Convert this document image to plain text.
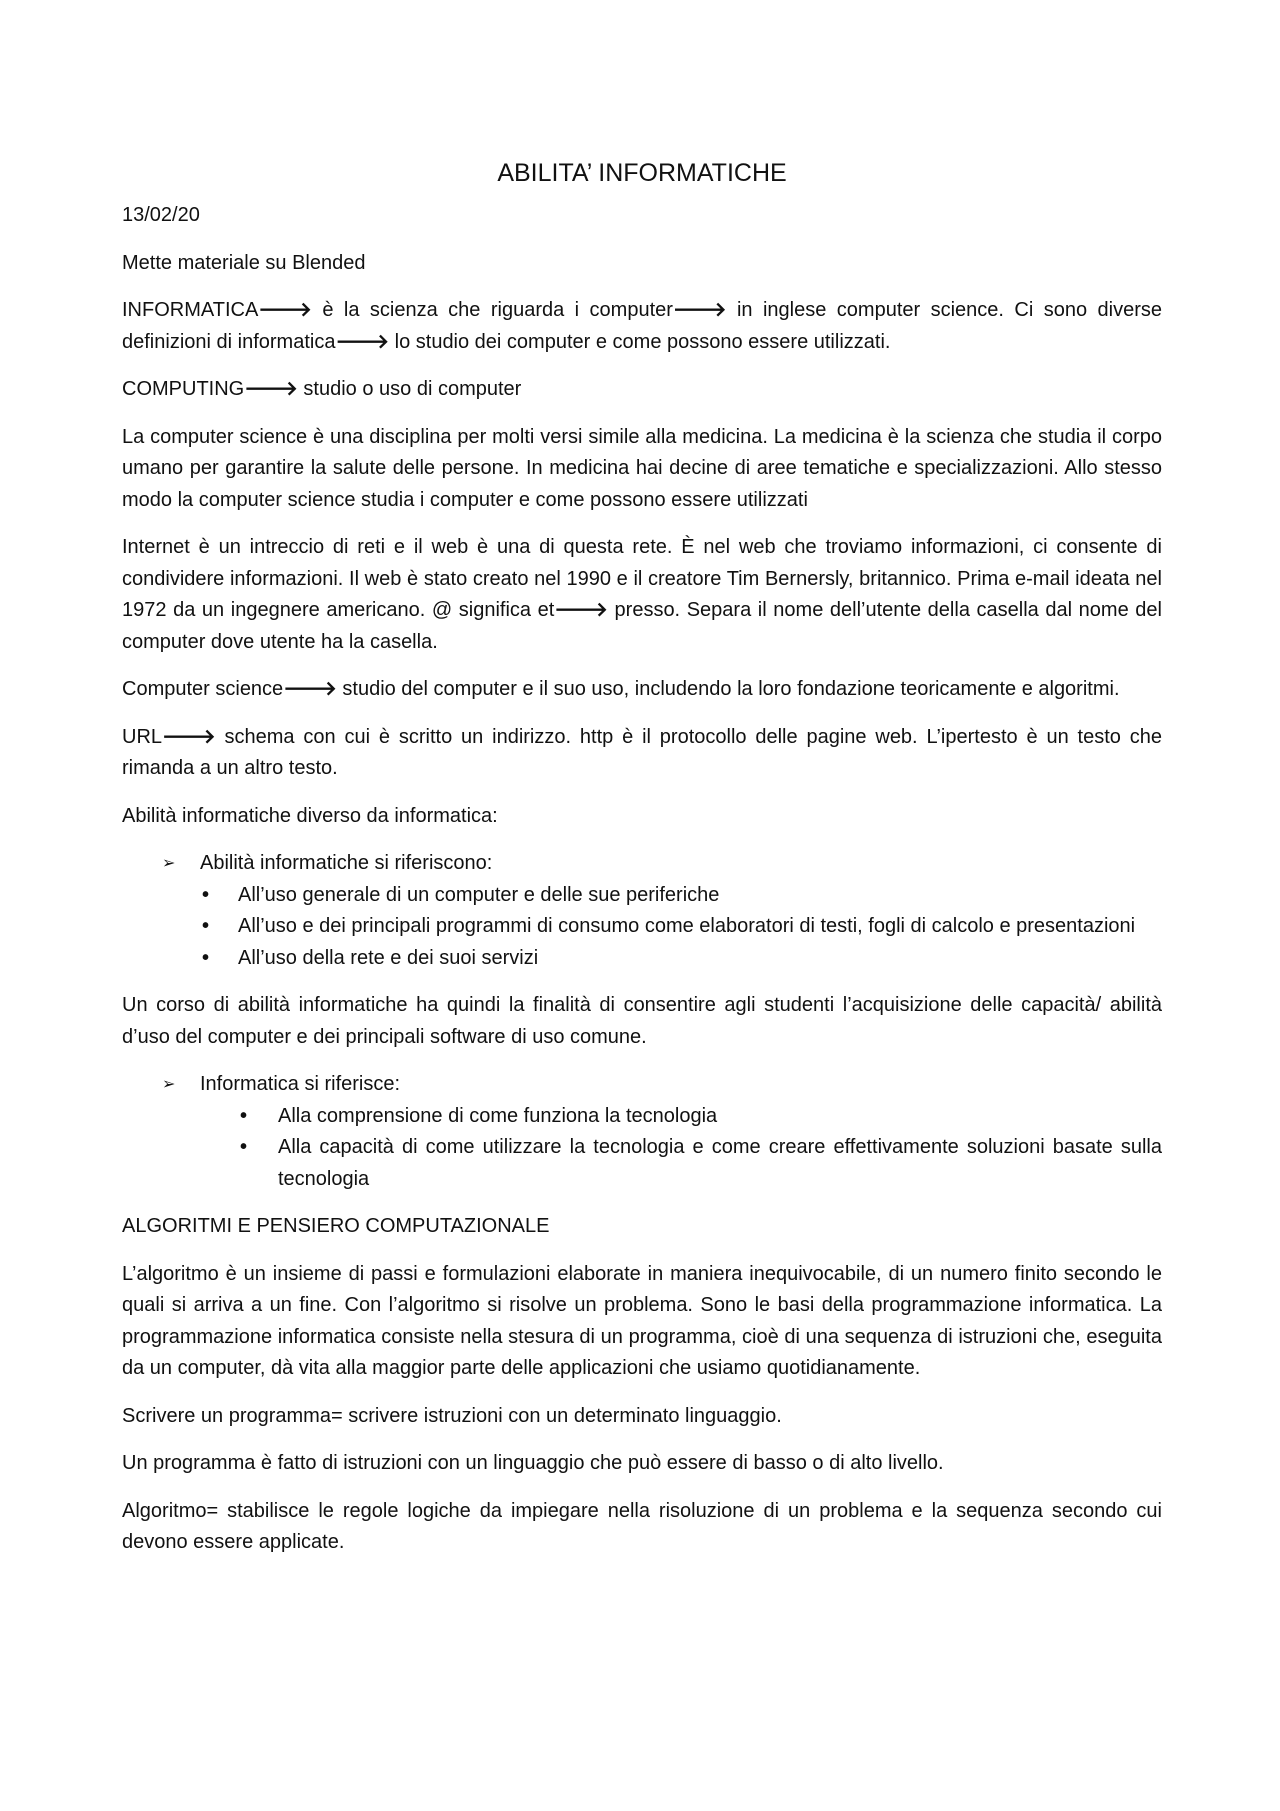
ABILITA’ INFORMATICHE

13/02/20

Mette materiale su Blended

INFORMATICA🡒 è la scienza che riguarda i computer🡒 in inglese computer science. Ci sono diverse definizioni di informatica🡒 lo studio dei computer e come possono essere utilizzati.

COMPUTING🡒 studio o uso di computer

La computer science è una disciplina per molti versi simile alla medicina. La medicina è la scienza che studia il corpo umano per garantire la salute delle persone. In medicina hai decine di aree tematiche e specializzazioni. Allo stesso modo la computer science studia i computer e come possono essere utilizzati

Internet è un intreccio di reti e il web è una di questa rete. È nel web che troviamo informazioni, ci consente di condividere informazioni. Il web è stato creato nel 1990 e il creatore Tim Bernersly, britannico. Prima e-mail ideata nel 1972 da un ingegnere americano. @ significa et🡒 presso. Separa il nome dell’utente della casella dal nome del computer dove utente ha la casella.

Computer science🡒 studio del computer e il suo uso, includendo la loro fondazione teoricamente e algoritmi.

URL🡒 schema con cui è scritto un indirizzo. http è il protocollo delle pagine web. L’ipertesto è un testo che rimanda a un altro testo.

Abilità informatiche diverso da informatica:

➢ Abilità informatiche si riferiscono:
• All’uso generale di un computer e delle sue periferiche
• All’uso e dei principali programmi di consumo come elaboratori di testi, fogli di calcolo e presentazioni
• All’uso della rete e dei suoi servizi

Un corso di abilità informatiche ha quindi la finalità di consentire agli studenti l’acquisizione delle capacità/ abilità d’uso del computer e dei principali software di uso comune.

➢ Informatica si riferisce:
• Alla comprensione di come funziona la tecnologia
• Alla capacità di come utilizzare la tecnologia e come creare effettivamente soluzioni basate sulla tecnologia

ALGORITMI E PENSIERO COMPUTAZIONALE

L’algoritmo è un insieme di passi e formulazioni elaborate in maniera inequivocabile, di un numero finito secondo le quali si arriva a un fine. Con l’algoritmo si risolve un problema. Sono le basi della programmazione informatica. La programmazione informatica consiste nella stesura di un programma, cioè di una sequenza di istruzioni che, eseguita da un computer, dà vita alla maggior parte delle applicazioni che usiamo quotidianamente.

Scrivere un programma= scrivere istruzioni con un determinato linguaggio.

Un programma è fatto di istruzioni con un linguaggio che può essere di basso o di alto livello.

Algoritmo= stabilisce le regole logiche da impiegare nella risoluzione di un problema e la sequenza secondo cui devono essere applicate.
